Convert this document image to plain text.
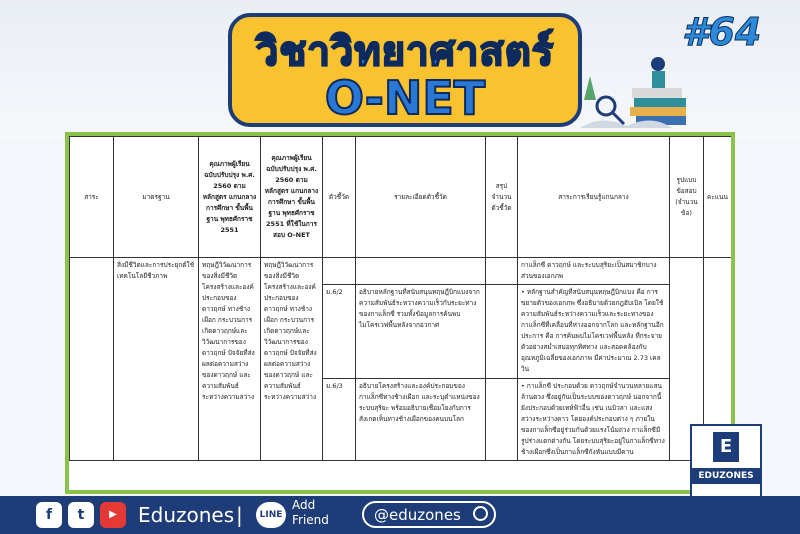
วิชาวิทยาศาสตร์
O-NET
#64
สาระ	มาตรฐาน	คุณภาพผู้เรียน ฉบับปรับปรุง พ.ศ. 2560 ตามหลักสูตร แกนกลางการศึกษา ขั้นพื้นฐาน พุทธศักราช 2551	คุณภาพผู้เรียน ฉบับปรับปรุง พ.ศ. 2560 ตามหลักสูตร แกนกลางการศึกษา ขั้นพื้นฐาน พุทธศักราช 2551 ที่ใช้ในการสอบ O-NET	ตัวชี้วัด	รายละเอียดตัวชี้วัด	สรุป จำนวน ตัวชี้วัด	สาระการเรียนรู้แกนกลาง	รูปแบบ ข้อสอบ (จำนวน ข้อ)	คะแนน
	สิ่งมีชีวิตและการประยุกต์ใช้เทคโนโลยีชีวภาพ	ทฤษฎีวิวัฒนาการของสิ่งมีชีวิต โครงสร้างและองค์ประกอบของดาวฤกษ์ ทางช้างเผือก กระบวนการเกิดดาวฤกษ์และวิวัฒนาการของดาวฤกษ์ ปัจจัยที่ส่งผลต่อความสว่างของดาวฤกษ์ และความสัมพันธ์ระหว่างความสว่าง	ทฤษฎีวิวัฒนาการของสิ่งมีชีวิต โครงสร้างและองค์ประกอบของดาวฤกษ์ ทางช้างเผือก กระบวนการเกิดดาวฤกษ์และวิวัฒนาการของดาวฤกษ์ ปัจจัยที่ส่งผลต่อความสว่างของดาวฤกษ์ และความสัมพันธ์ระหว่างความสว่าง				กาแล็กซี ดาวฤกษ์ และระบบสุริยะเป็นสมาชิกบางส่วนของเอกภพ		
				ม.6/2	อธิบายหลักฐานที่สนับสนุนทฤษฎีบิกแบงจากความสัมพันธ์ระหว่างความเร็วกับระยะทางของกาแล็กซี รวมทั้งข้อมูลการค้นพบไมโครเวฟพื้นหลังจากอวกาศ		• หลักฐานสำคัญที่สนับสนุนทฤษฎีบิกแบง คือ การขยายตัวของเอกภพ ซึ่งอธิบายด้วยกฎฮับเบิล โดยใช้ความสัมพันธ์ระหว่างความเร็วและระยะทางของกาแล็กซีที่เคลื่อนที่ห่างออกจากโลก และหลักฐานอีกประการ คือ การค้นพบไมโครเวฟพื้นหลัง ที่กระจายตัวอย่างสม่ำเสมอทุกทิศทาง และสอดคล้องกับอุณหภูมิเฉลี่ยของเอกภาพ มีค่าประมาณ 2.73 เคลวิน		
				ม.6/3	อธิบายโครงสร้างและองค์ประกอบของกาแล็กซีทางช้างเผือก และระบุตำแหน่งของระบบสุริยะ พร้อมอธิบายเชื่อมโยงกับการสังเกตเห็นทางช้างเผือกของคนบนโลก		• กาแล็กซี ประกอบด้วย ดาวฤกษ์จำนวนหลายแสนล้านดวง ซึ่งอยู่กันเป็นระบบของดาวฤกษ์ นอกจากนี้ยังประกอบด้วยเทห์ฟ้าอื่น เช่น เนบิวลา และแสงสว่างระหว่างดาว โดยองค์ประกอบต่าง ๆ ภายในของกาแล็กซีอยู่ร่วมกันด้วยแรงโน้มถ่วง กาแล็กซีมีรูปร่างแตกต่างกัน โดยระบบสุริยะอยู่ในกาแล็กซีทางช้างเผือกซึ่งเป็นกาแล็กซีกังหันแบบมีคาน			E
EDUZONES
f	t	▶	Eduzones |	LINE
Add Friend	@eduzones
